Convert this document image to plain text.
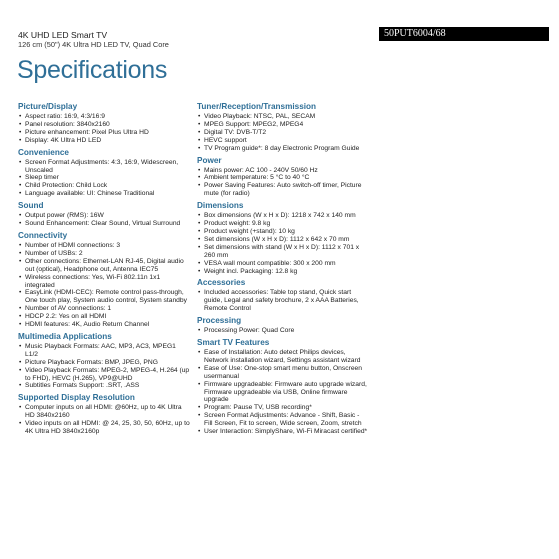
4K UHD LED Smart TV
126 cm (50") 4K Ultra HD LED TV, Quad Core
50PUT6004/68
Specifications
Picture/Display
• Aspect ratio: 16:9, 4:3/16:9
• Panel resolution: 3840x2160
• Picture enhancement: Pixel Plus Ultra HD
• Display: 4K Ultra HD LED
Convenience
• Screen Format Adjustments: 4:3, 16:9, Widescreen, Unscaled
• Sleep timer
• Child Protection: Child Lock
• Language available: UI: Chinese Traditional
Sound
• Output power (RMS): 16W
• Sound Enhancement: Clear Sound, Virtual Surround
Connectivity
• Number of HDMI connections: 3
• Number of USBs: 2
• Other connections: Ethernet-LAN RJ-45, Digital audio out (optical), Headphone out, Antenna IEC75
• Wireless connections: Yes, Wi-Fi 802.11n 1x1 integrated
• EasyLink (HDMI-CEC): Remote control pass-through, One touch play, System audio control, System standby
• Number of AV connections: 1
• HDCP 2.2: Yes on all HDMI
• HDMI features: 4K, Audio Return Channel
Multimedia Applications
• Music Playback Formats: AAC, MP3, AC3, MPEG1 L1/2
• Picture Playback Formats: BMP, JPEG, PNG
• Video Playback Formats: MPEG-2, MPEG-4, H.264 (up to FHD), HEVC (H.265), VP9@UHD
• Subtitles Formats Support: .SRT, .ASS
Supported Display Resolution
• Computer inputs on all HDMI: @60Hz, up to 4K Ultra HD 3840x2160
• Video inputs on all HDMI: @ 24, 25, 30, 50, 60Hz, up to 4K Ultra HD 3840x2160p
Tuner/Reception/Transmission
• Video Playback: NTSC, PAL, SECAM
• MPEG Support: MPEG2, MPEG4
• Digital TV: DVB-T/T2
• HEVC support
• TV Program guide*: 8 day Electronic Program Guide
Power
• Mains power: AC 100 - 240V 50/60 Hz
• Ambient temperature: 5 °C to 40 °C
• Power Saving Features: Auto switch-off timer, Picture mute (for radio)
Dimensions
• Box dimensions (W x H x D): 1218 x 742 x 140 mm
• Product weight: 9.8 kg
• Product weight (+stand): 10 kg
• Set dimensions (W x H x D): 1112 x 642 x 70 mm
• Set dimensions with stand (W x H x D): 1112 x 701 x 260 mm
• VESA wall mount compatible: 300 x 200 mm
• Weight incl. Packaging: 12.8 kg
Accessories
• Included accessories: Table top stand, Quick start guide, Legal and safety brochure, 2 x AAA Batteries, Remote Control
Processing
• Processing Power: Quad Core
Smart TV Features
• Ease of Installation: Auto detect Philips devices, Network installation wizard, Settings assistant wizard
• Ease of Use: One-stop smart menu button, Onscreen usermanual
• Firmware upgradeable: Firmware auto upgrade wizard, Firmware upgradeable via USB, Online firmware upgrade
• Program: Pause TV, USB recording*
• Screen Format Adjustments: Advance - Shift, Basic - Fill Screen, Fit to screen, Wide screen, Zoom, stretch
• User Interaction: SimplyShare, Wi-Fi Miracast certified*
